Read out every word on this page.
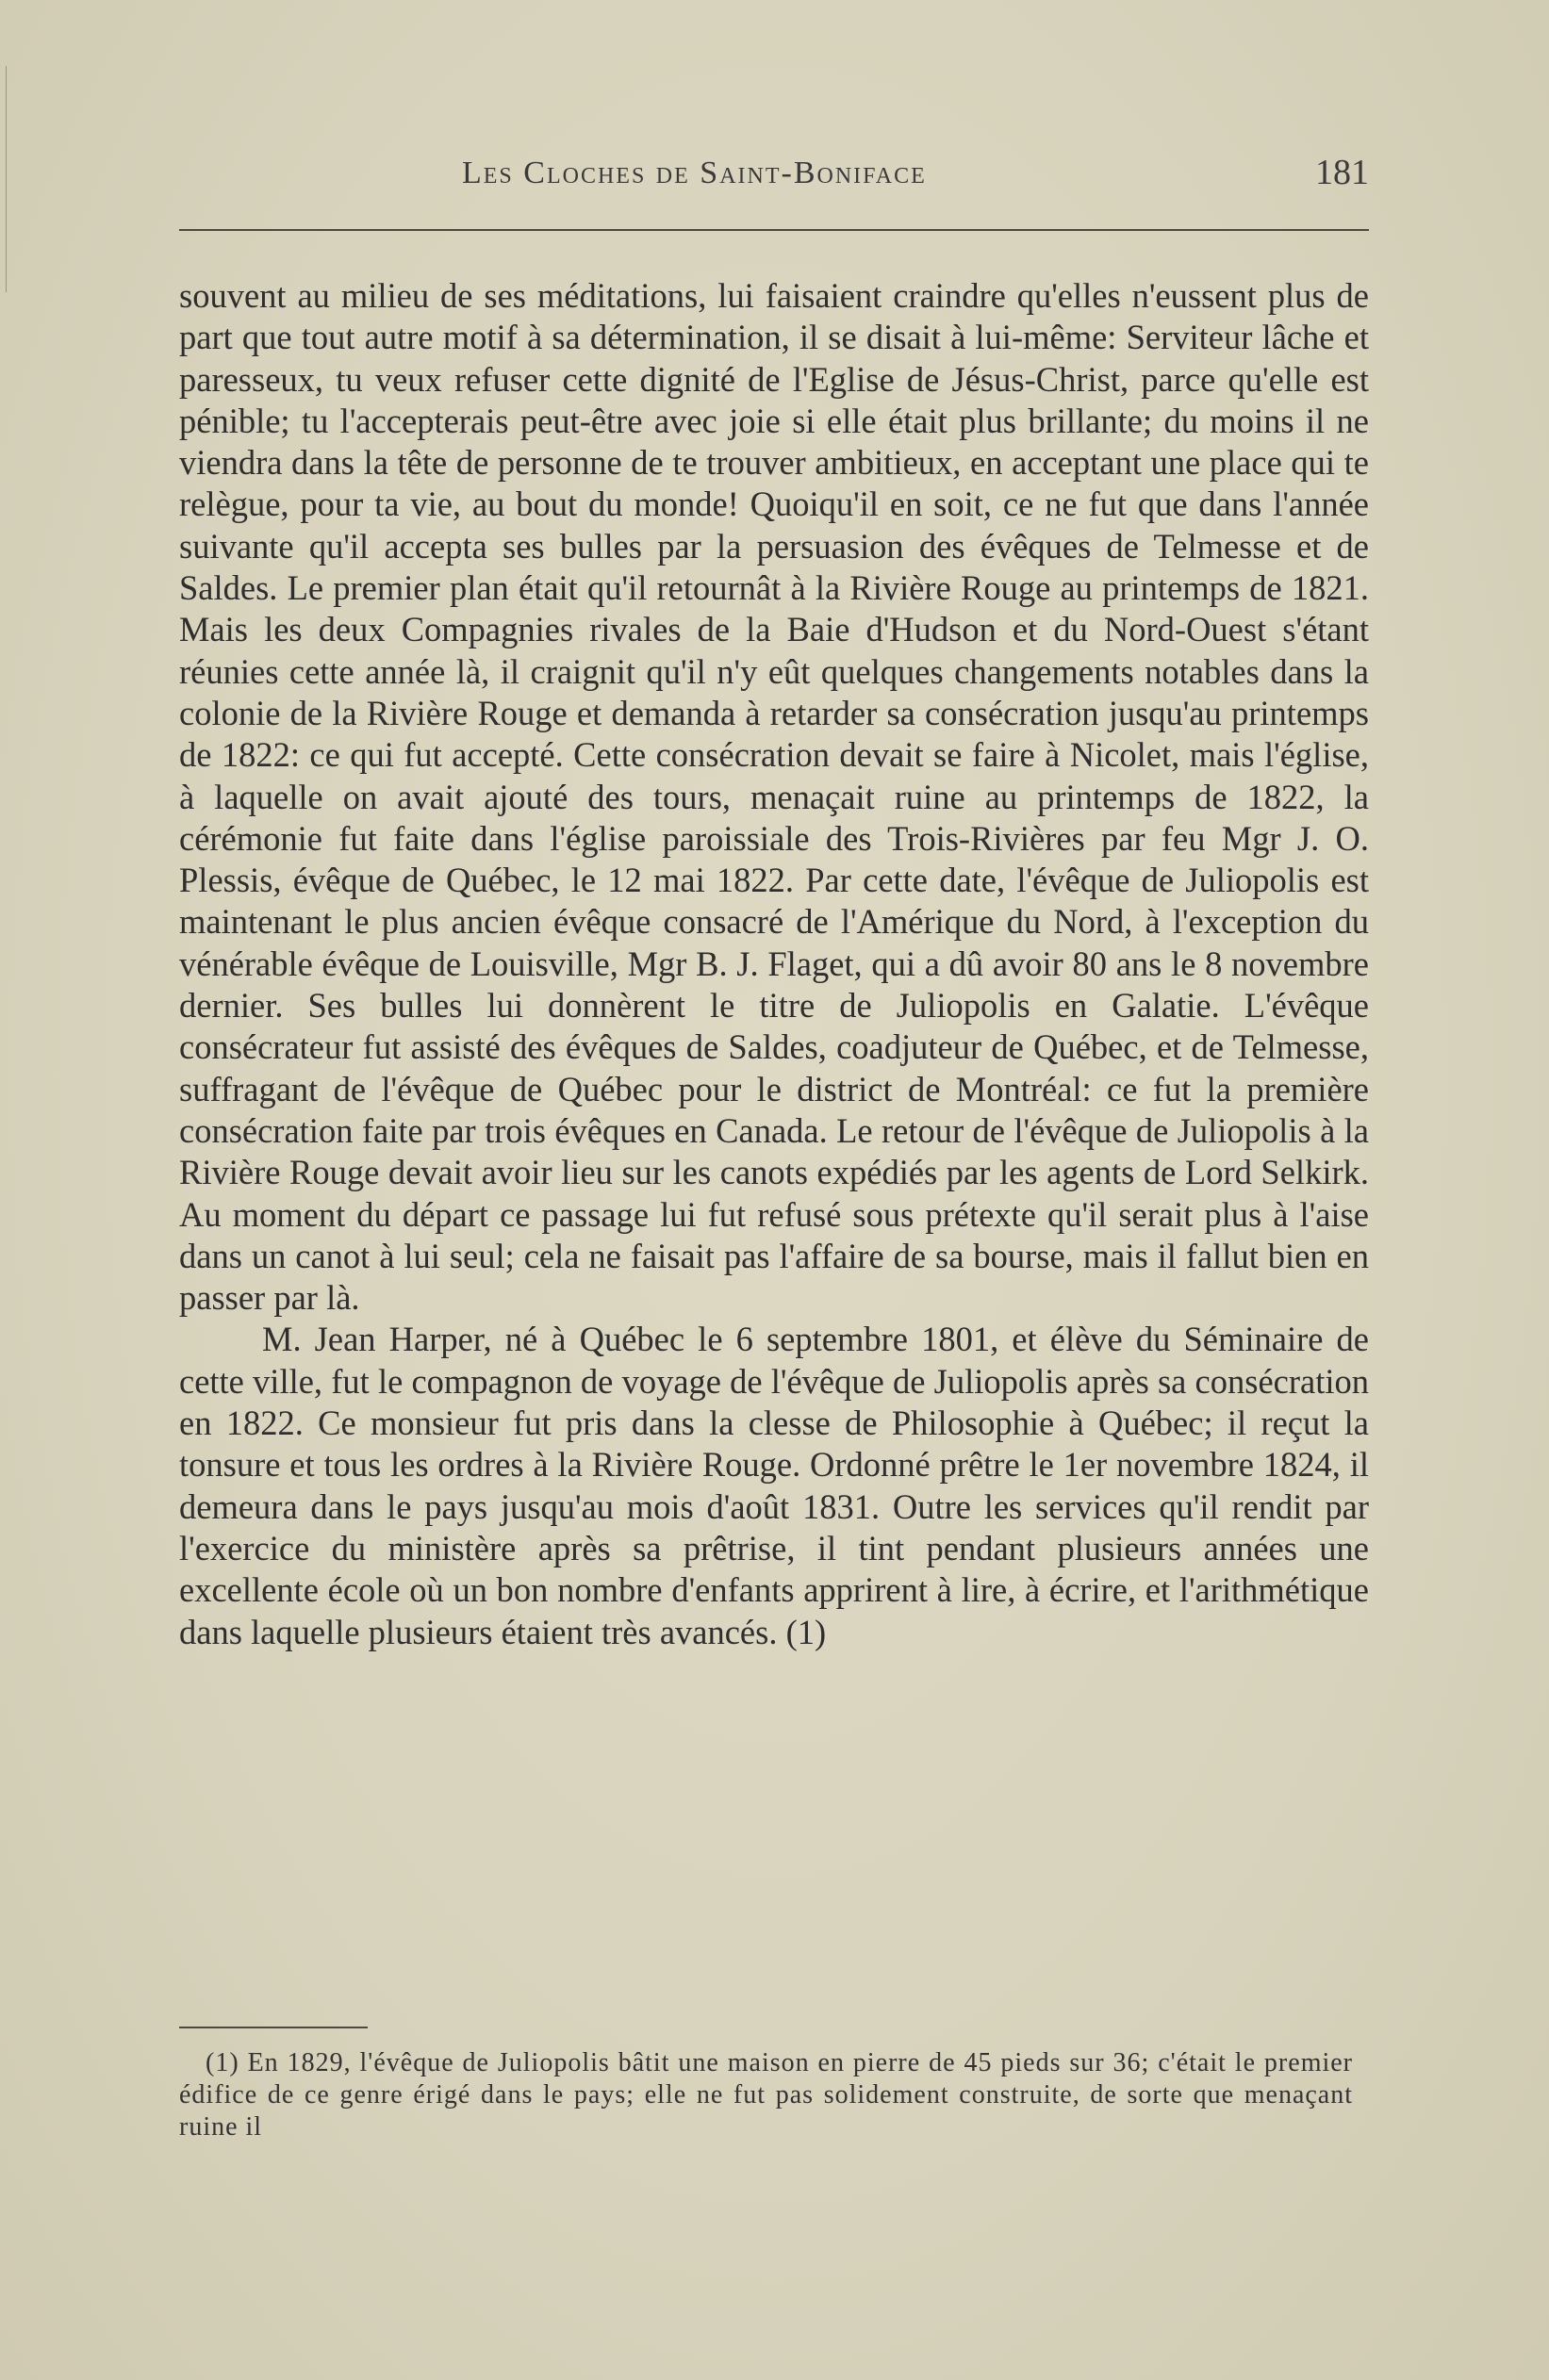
Les Cloches de Saint-Boniface	181

souvent au milieu de ses méditations, lui faisaient craindre qu'elles n'eussent plus de part que tout autre motif à sa détermination, il se disait à lui-même: Serviteur lâche et paresseux, tu veux refuser cette dignité de l'Eglise de Jésus-Christ, parce qu'elle est pénible; tu l'accepterais peut-être avec joie si elle était plus brillante; du moins il ne viendra dans la tête de personne de te trouver ambitieux, en acceptant une place qui te relègue, pour ta vie, au bout du monde! Quoiqu'il en soit, ce ne fut que dans l'année suivante qu'il accepta ses bulles par la persuasion des évêques de Telmesse et de Saldes. Le premier plan était qu'il retournât à la Rivière Rouge au printemps de 1821. Mais les deux Compagnies rivales de la Baie d'Hudson et du Nord-Ouest s'étant réunies cette année là, il craignit qu'il n'y eût quelques changements notables dans la colonie de la Rivière Rouge et demanda à retarder sa consécration jusqu'au printemps de 1822: ce qui fut accepté. Cette consécration devait se faire à Nicolet, mais l'église, à laquelle on avait ajouté des tours, menaçait ruine au printemps de 1822, la cérémonie fut faite dans l'église paroissiale des Trois-Rivières par feu Mgr J. O. Plessis, évêque de Québec, le 12 mai 1822. Par cette date, l'évêque de Juliopolis est maintenant le plus ancien évêque consacré de l'Amérique du Nord, à l'exception du vénérable évêque de Louisville, Mgr B. J. Flaget, qui a dû avoir 80 ans le 8 novembre dernier. Ses bulles lui donnèrent le titre de Juliopolis en Galatie. L'évêque consécrateur fut assisté des évêques de Saldes, coadjuteur de Québec, et de Telmesse, suffragant de l'évêque de Québec pour le district de Montréal: ce fut la première consécration faite par trois évêques en Canada. Le retour de l'évêque de Juliopolis à la Rivière Rouge devait avoir lieu sur les canots expédiés par les agents de Lord Selkirk. Au moment du départ ce passage lui fut refusé sous prétexte qu'il serait plus à l'aise dans un canot à lui seul; cela ne faisait pas l'affaire de sa bourse, mais il fallut bien en passer par là.

M. Jean Harper, né à Québec le 6 septembre 1801, et élève du Séminaire de cette ville, fut le compagnon de voyage de l'évêque de Juliopolis après sa consécration en 1822. Ce monsieur fut pris dans la clesse de Philosophie à Québec; il reçut la tonsure et tous les ordres à la Rivière Rouge. Ordonné prêtre le 1er novembre 1824, il demeura dans le pays jusqu'au mois d'août 1831. Outre les services qu'il rendit par l'exercice du ministère après sa prêtrise, il tint pendant plusieurs années une excellente école où un bon nombre d'enfants apprirent à lire, à écrire, et l'arithmétique dans laquelle plusieurs étaient très avancés. (1)

(1) En 1829, l'évêque de Juliopolis bâtit une maison en pierre de 45 pieds sur 36; c'était le premier édifice de ce genre érigé dans le pays; elle ne fut pas solidement construite, de sorte que menaçant ruine il
